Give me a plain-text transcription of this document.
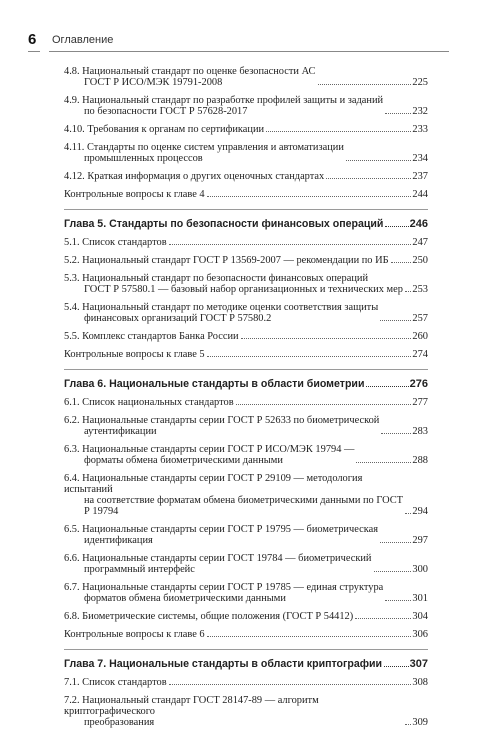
6 Оглавление
4.8. Национальный стандарт по оценке безопасности АС
ГОСТ Р ИСО/МЭК 19791-2008	225
4.9. Национальный стандарт по разработке профилей защиты и заданий
по безопасности ГОСТ Р 57628-2017	232
4.10. Требования к органам по сертификации	233
4.11. Стандарты по оценке систем управления и автоматизации
промышленных процессов	234
4.12. Краткая информация о других оценочных стандартах	237
Контрольные вопросы к главе 4	244
Глава 5. Стандарты по безопасности финансовых операций 246
5.1. Список стандартов	247
5.2. Национальный стандарт ГОСТ Р 13569-2007 — рекомендации по ИБ 250
5.3. Национальный стандарт по безопасности финансовых операций
ГОСТ Р 57580.1 — базовый набор организационных и технических мер 253
5.4. Национальный стандарт по методике оценки соответствия защиты
финансовых организаций ГОСТ Р 57580.2	257
5.5. Комплекс стандартов Банка России	260
Контрольные вопросы к главе 5	274
Глава 6. Национальные стандарты в области биометрии	276
6.1. Список национальных стандартов	277
6.2. Национальные стандарты серии ГОСТ Р 52633 по биометрической
аутентификации	283
6.3. Национальные стандарты серии ГОСТ Р ИСО/МЭК 19794 —
форматы обмена биометрическими данными	288
6.4. Национальные стандарты серии ГОСТ Р 29109 — методология испытаний
на соответствие форматам обмена биометрическими данными по ГОСТ Р 19794	294
6.5. Национальные стандарты серии ГОСТ Р 19795 — биометрическая
идентификация	297
6.6. Национальные стандарты серии ГОСТ 19784 — биометрический
программный интерфейс	300
6.7. Национальные стандарты серии ГОСТ Р 19785 — единая структура
форматов обмена биометрическими данными	301
6.8. Биометрические системы, общие положения (ГОСТ Р 54412)	304
Контрольные вопросы к главе 6	306
Глава 7. Национальные стандарты в области криптографии	307
7.1. Список стандартов	308
7.2. Национальный стандарт ГОСТ 28147-89 — алгоритм криптографического
преобразования	309
